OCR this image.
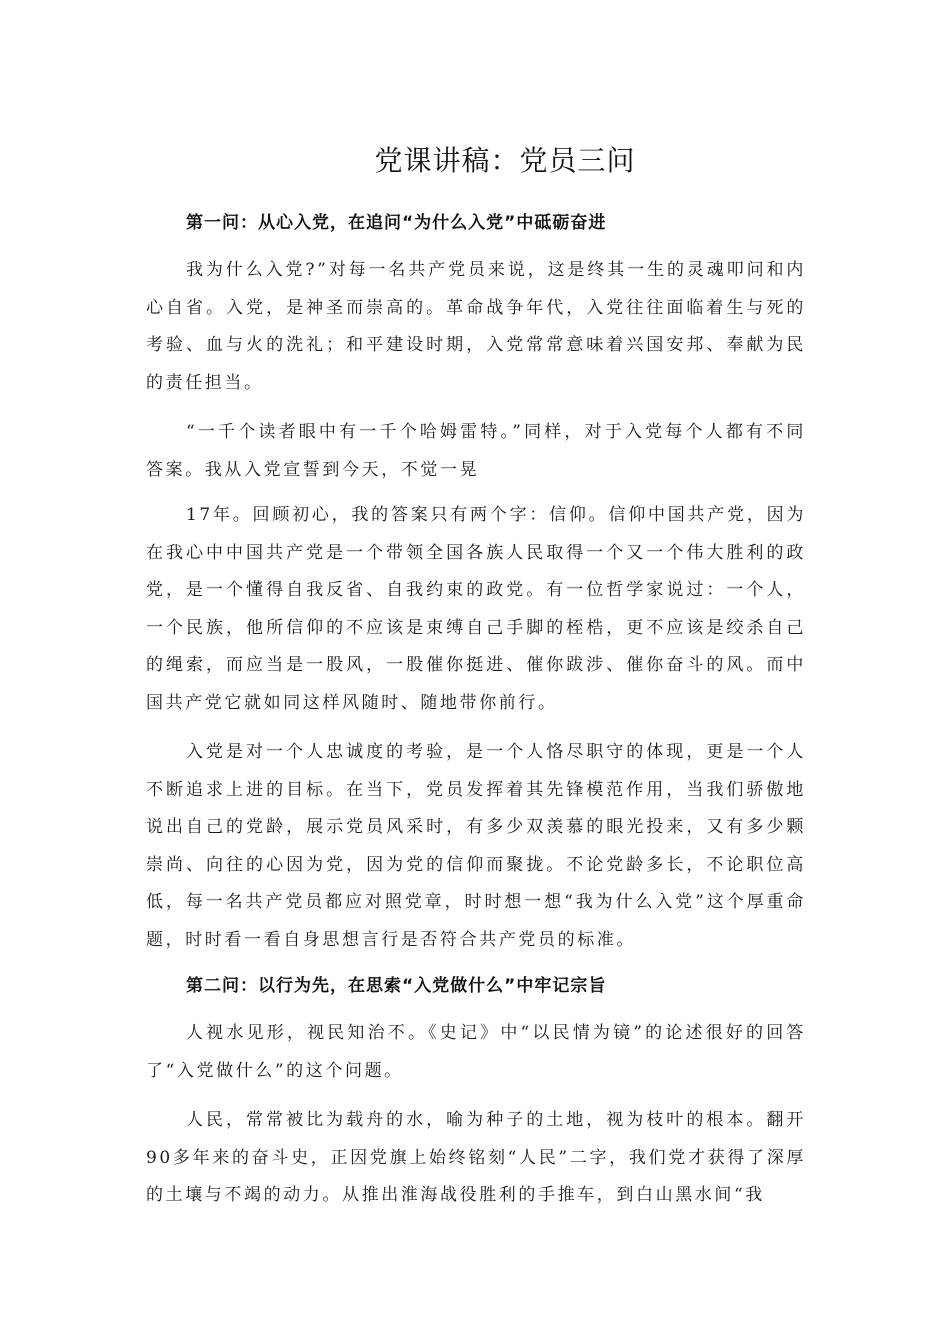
党课讲稿：党员三问
第一问：从心入党，在追问“为什么入党”中砥砺奋进

我为什么入党?”对每一名共产党员来说，这是终其一生的灵魂叩问和内心自省。入党，是神圣而崇高的。革命战争年代，入党往往面临着生与死的考验、血与火的洗礼；和平建设时期，入党常常意味着兴国安邦、奉献为民的责任担当。

“一千个读者眼中有一千个哈姆雷特。”同样，对于入党每个人都有不同答案。我从入党宣誓到今天，不觉一晃

17年。回顾初心，我的答案只有两个字：信仰。信仰中国共产党，因为在我心中中国共产党是一个带领全国各族人民取得一个又一个伟大胜利的政党，是一个懂得自我反省、自我约束的政党。有一位哲学家说过：一个人，一个民族，他所信仰的不应该是束缚自己手脚的桎梏，更不应该是绞杀自己的绳索，而应当是一股风，一股催你挺进、催你跋涉、催你奋斗的风。而中国共产党它就如同这样风随时、随地带你前行。

入党是对一个人忠诚度的考验，是一个人恪尽职守的体现，更是一个人不断追求上进的目标。在当下，党员发挥着其先锋模范作用，当我们骄傲地说出自己的党龄，展示党员风采时，有多少双羡慕的眼光投来，又有多少颗崇尚、向往的心因为党，因为党的信仰而聚拢。不论党龄多长，不论职位高低，每一名共产党员都应对照党章，时时想一想“我为什么入党”这个厚重命题，时时看一看自身思想言行是否符合共产党员的标准。

第二问：以行为先，在思索“入党做什么”中牢记宗旨

人视水见形，视民知治不。《史记》中“以民情为镜”的论述很好的回答了“入党做什么”的这个问题。

人民，常常被比为载舟的水，喻为种子的土地，视为枝叶的根本。翻开90多年来的奋斗史，正因党旗上始终铭刻“人民”二字，我们党才获得了深厚的土壤与不竭的动力。从推出淮海战役胜利的手推车，到白山黑水间“我
